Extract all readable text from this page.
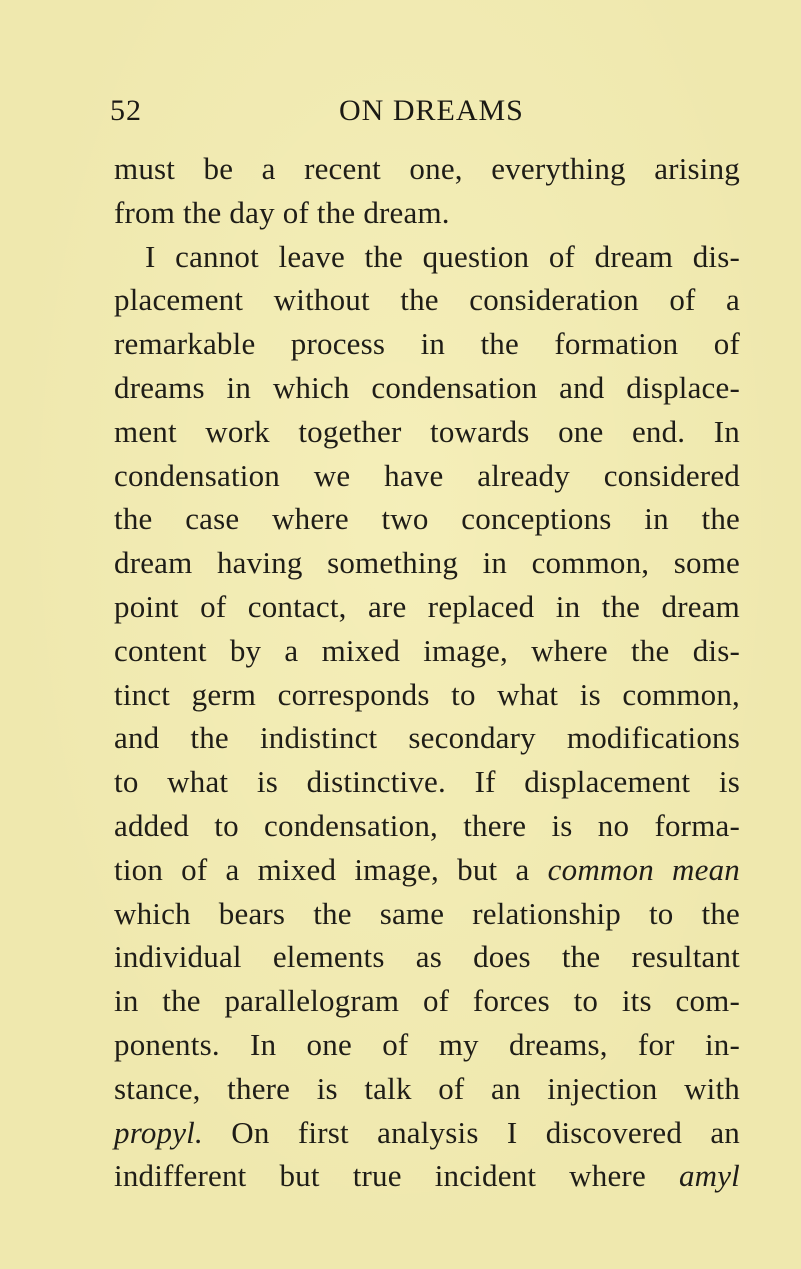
52	ON DREAMS
must be a recent one, everything arising
from the day of the dream.
I cannot leave the question of dream dis-
placement without the consideration of a
remarkable process in the formation of
dreams in which condensation and displace-
ment work together towards one end. In
condensation we have already considered
the case where two conceptions in the
dream having something in common, some
point of contact, are replaced in the dream
content by a mixed image, where the dis-
tinct germ corresponds to what is common,
and the indistinct secondary modifications
to what is distinctive. If displacement is
added to condensation, there is no forma-
tion of a mixed image, but a common mean
which bears the same relationship to the
individual elements as does the resultant
in the parallelogram of forces to its com-
ponents. In one of my dreams, for in-
stance, there is talk of an injection with
propyl. On first analysis I discovered an
indifferent but true incident where amyl
